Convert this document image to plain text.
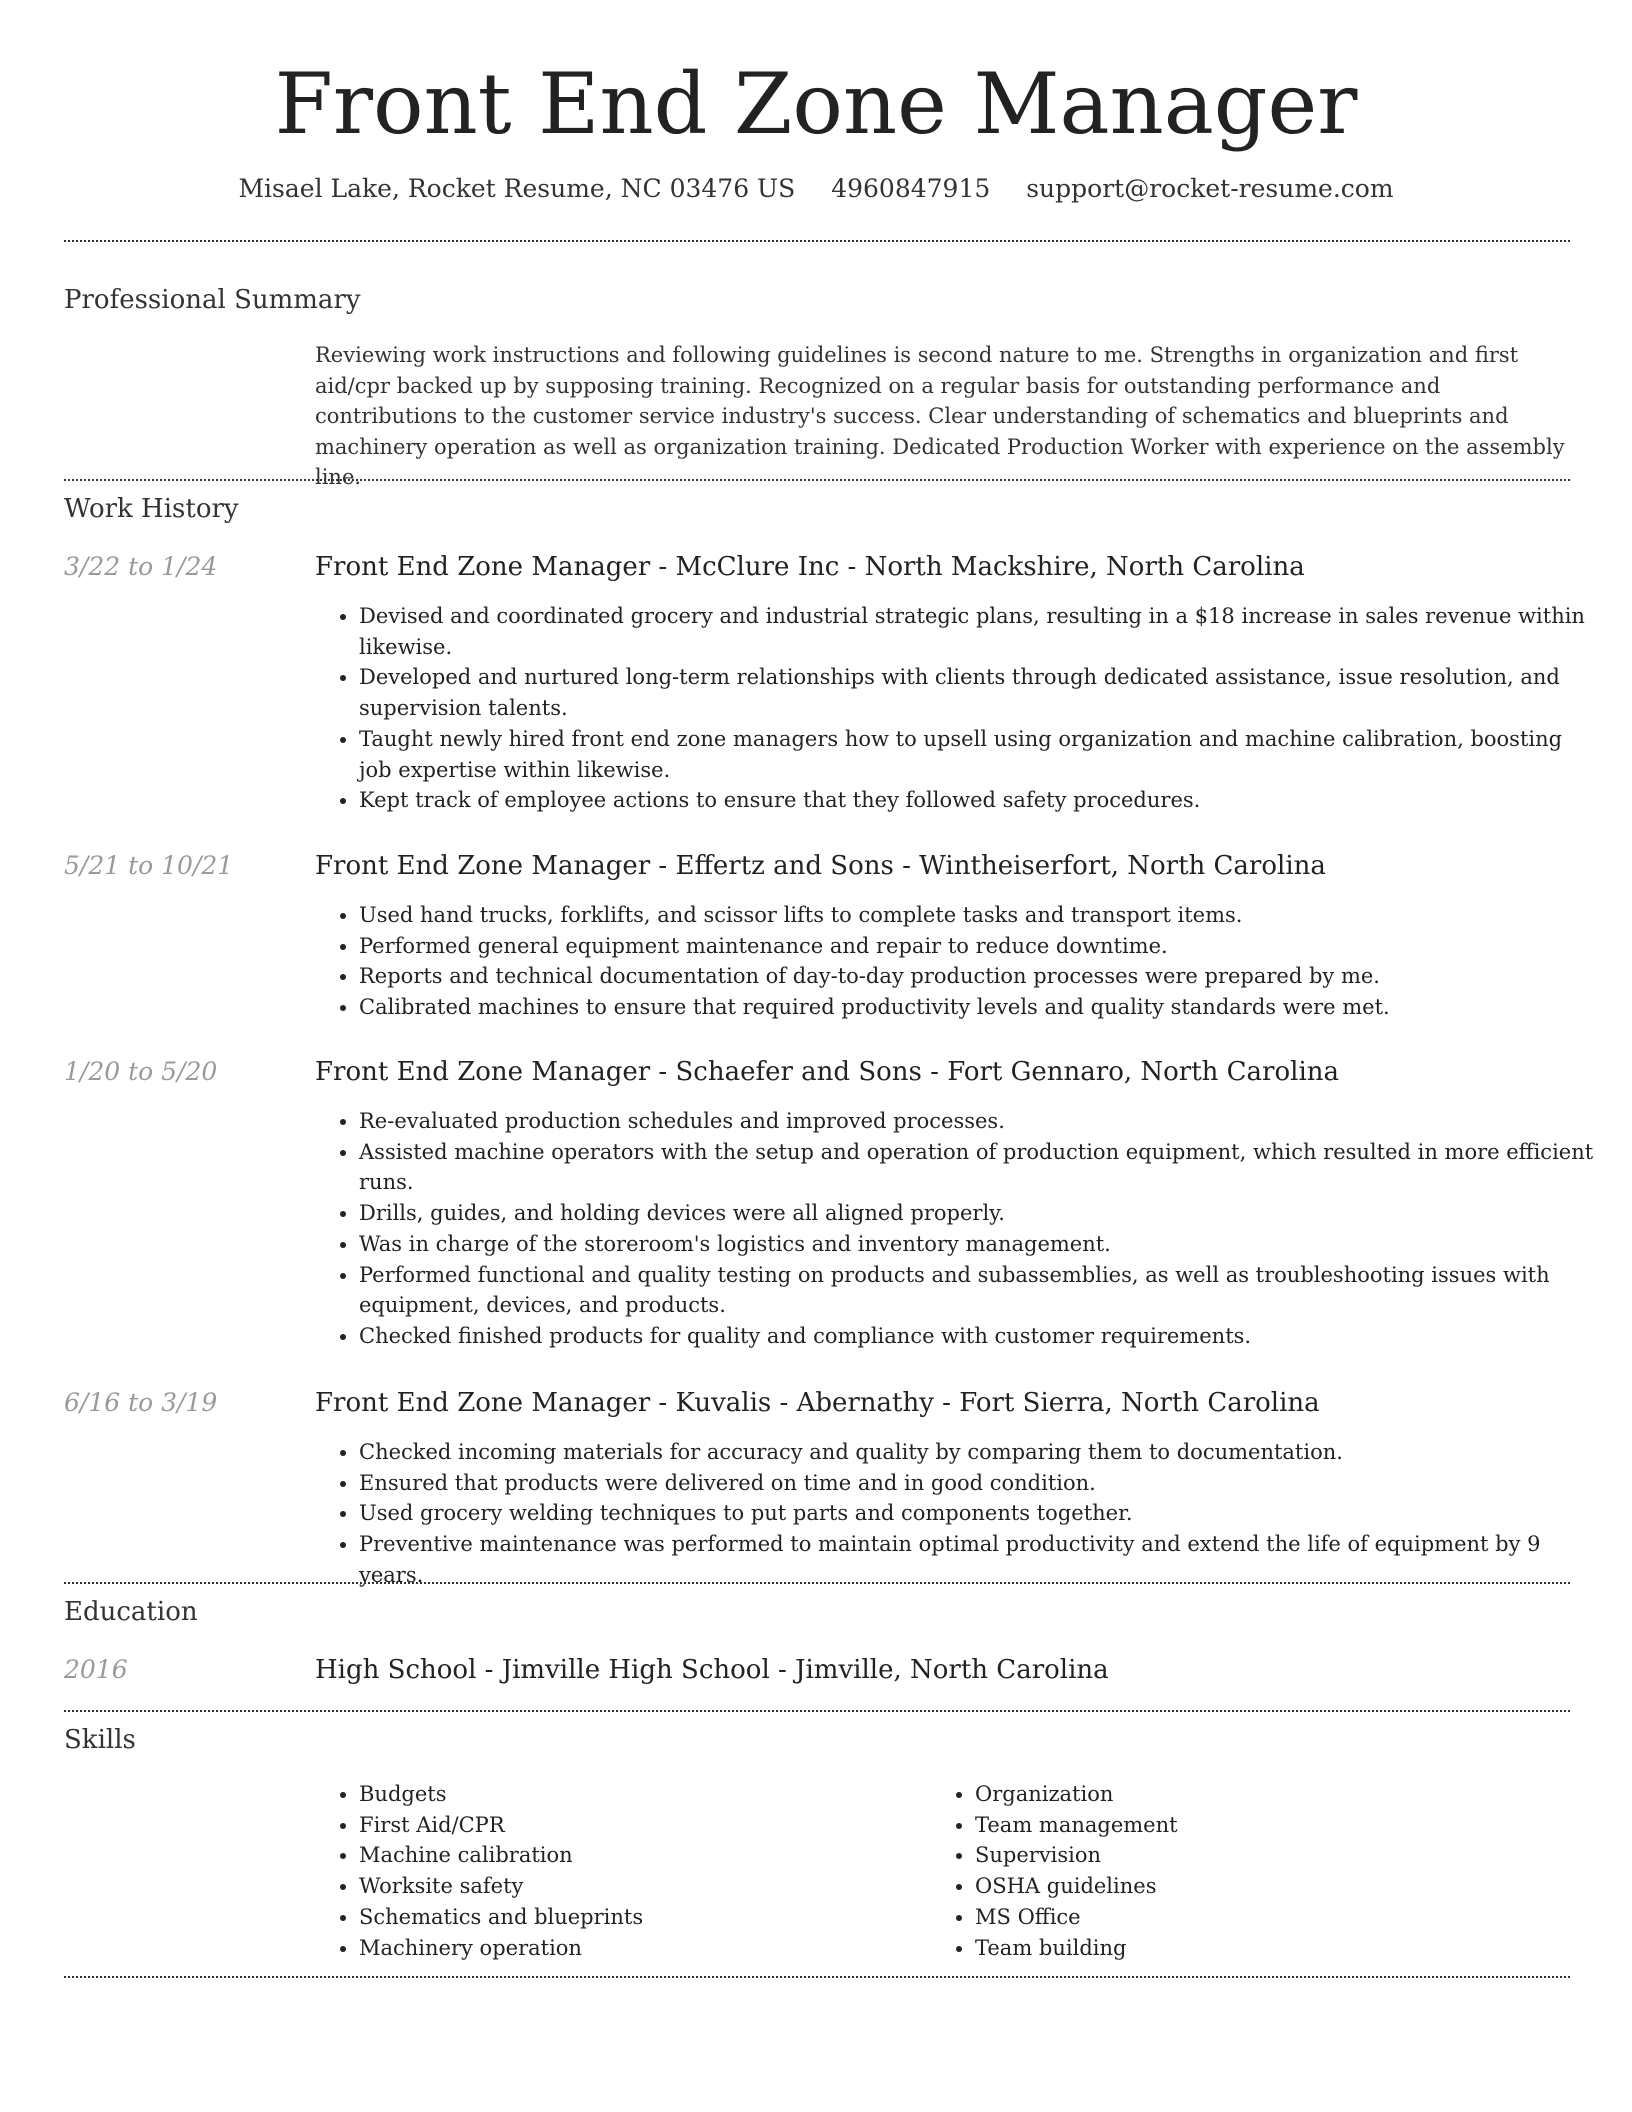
Front End Zone Manager
Misael Lake, Rocket Resume, NC 03476 US 4960847915 support@rocket-resume.com
Professional Summary
Reviewing work instructions and following guidelines is second nature to me. Strengths in organization and first aid/cpr backed up by supposing training. Recognized on a regular basis for outstanding performance and contributions to the customer service industry's success. Clear understanding of schematics and blueprints and machinery operation as well as organization training. Dedicated Production Worker with experience on the assembly line.
Work History
3/22 to 1/24	Front End Zone Manager - McClure Inc - North Mackshire, North Carolina
• Devised and coordinated grocery and industrial strategic plans, resulting in a $18 increase in sales revenue within likewise.
• Developed and nurtured long-term relationships with clients through dedicated assistance, issue resolution, and supervision talents.
• Taught newly hired front end zone managers how to upsell using organization and machine calibration, boosting job expertise within likewise.
• Kept track of employee actions to ensure that they followed safety procedures.
5/21 to 10/21	Front End Zone Manager - Effertz and Sons - Wintheiserfort, North Carolina
• Used hand trucks, forklifts, and scissor lifts to complete tasks and transport items.
• Performed general equipment maintenance and repair to reduce downtime.
• Reports and technical documentation of day-to-day production processes were prepared by me.
• Calibrated machines to ensure that required productivity levels and quality standards were met.
1/20 to 5/20	Front End Zone Manager - Schaefer and Sons - Fort Gennaro, North Carolina
• Re-evaluated production schedules and improved processes.
• Assisted machine operators with the setup and operation of production equipment, which resulted in more efficient runs.
• Drills, guides, and holding devices were all aligned properly.
• Was in charge of the storeroom's logistics and inventory management.
• Performed functional and quality testing on products and subassemblies, as well as troubleshooting issues with equipment, devices, and products.
• Checked finished products for quality and compliance with customer requirements.
6/16 to 3/19	Front End Zone Manager - Kuvalis - Abernathy - Fort Sierra, North Carolina
• Checked incoming materials for accuracy and quality by comparing them to documentation.
• Ensured that products were delivered on time and in good condition.
• Used grocery welding techniques to put parts and components together.
• Preventive maintenance was performed to maintain optimal productivity and extend the life of equipment by 9 years.
Education
2016	High School - Jimville High School - Jimville, North Carolina
Skills
• Budgets
• First Aid/CPR
• Machine calibration
• Worksite safety
• Schematics and blueprints
• Machinery operation
• Organization
• Team management
• Supervision
• OSHA guidelines
• MS Office
• Team building
